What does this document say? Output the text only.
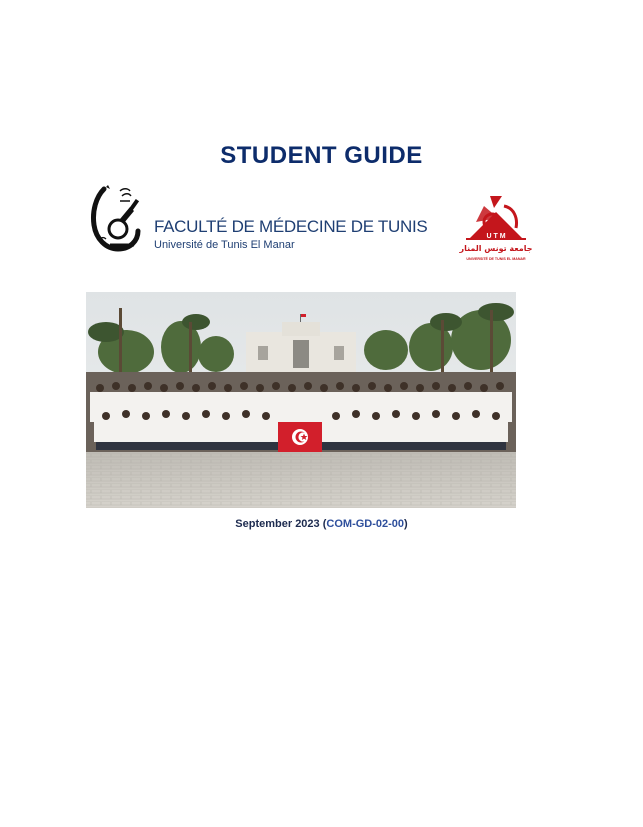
STUDENT GUIDE
FACULTÉ DE MÉDECINE DE TUNIS
Université de Tunis El Manar
U T M
جامعة تونس المنار
UNIVERSITÉ DE TUNIS EL MANAR
September 2023 (COM-GD-02-00)
